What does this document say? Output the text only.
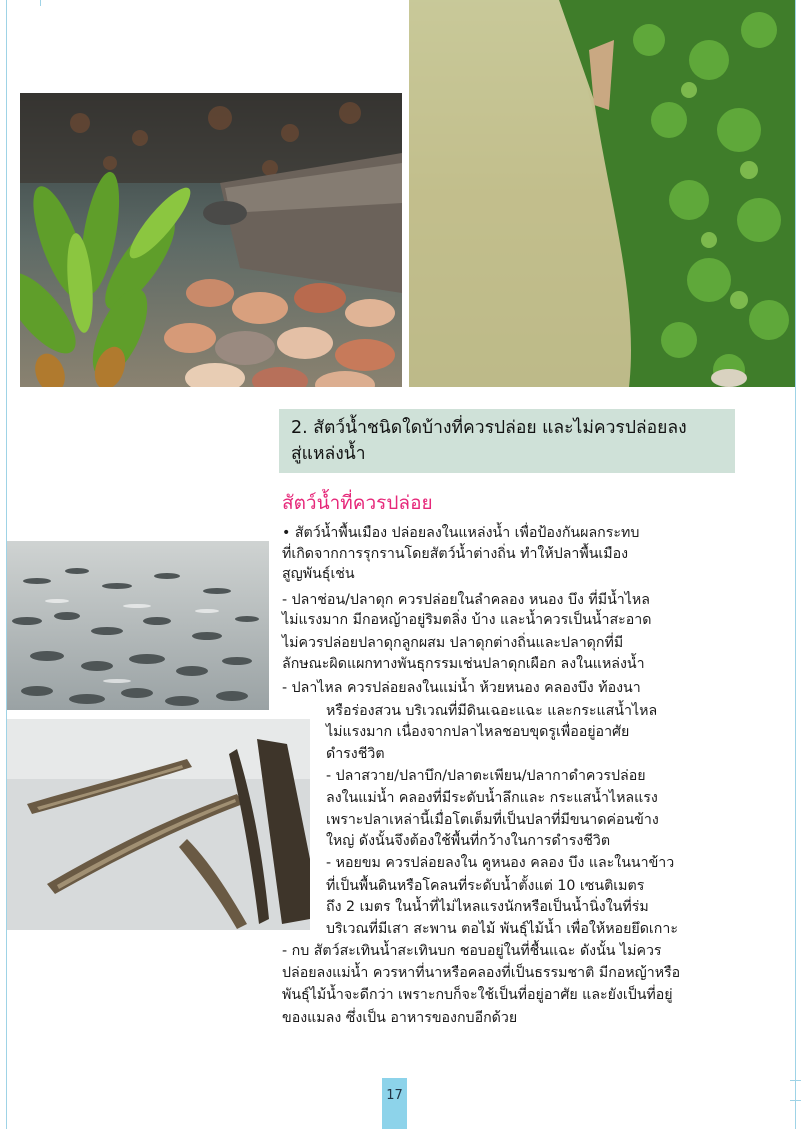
2. สัตว์น้ำชนิดใดบ้างที่ควรปล่อย และไม่ควรปล่อยลง

สู่แหล่งน้ำ

สัตว์น้ำที่ควรปล่อย

• สัตว์น้ำพื้นเมือง ปล่อยลงในแหล่งน้ำ เพื่อป้องกันผลกระทบ

ที่เกิดจากการรุกรานโดยสัตว์น้ำต่างถิ่น ทำให้ปลาพื้นเมือง

สูญพันธุ์เช่น

- ปลาช่อน/ปลาดุก ควรปล่อยในลำคลอง หนอง บึง ที่มีน้ำไหล

ไม่แรงมาก มีกอหญ้าอยู่ริมตลิ่ง บ้าง และน้ำควรเป็นน้ำสะอาด

ไม่ควรปล่อยปลาดุกลูกผสม ปลาดุกต่างถิ่นและปลาดุกที่มี

ลักษณะผิดแผกทางพันธุกรรมเช่นปลาดุกเผือก ลงในแหล่งน้ำ

- ปลาไหล ควรปล่อยลงในแม่น้ำ ห้วยหนอง คลองบึง ท้องนา

หรือร่องสวน บริเวณที่มีดินเฉอะแฉะ และกระแสน้ำไหล

ไม่แรงมาก เนื่องจากปลาไหลชอบขุดรูเพื่ออยู่อาศัย

ดำรงชีวิต

- ปลาสวาย/ปลาบึก/ปลาตะเพียน/ปลากาดำควรปล่อย

ลงในแม่น้ำ คลองที่มีระดับน้ำลึกและ กระแสน้ำไหลแรง

เพราะปลาเหล่านี้เมื่อโตเต็มที่เป็นปลาที่มีขนาดค่อนข้าง

ใหญ่ ดังนั้นจึงต้องใช้พื้นที่กว้างในการดำรงชีวิต

- หอยขม ควรปล่อยลงใน คูหนอง คลอง บึง และในนาข้าว

ที่เป็นพื้นดินหรือโคลนที่ระดับน้ำตั้งแต่ 10 เซนติเมตร

ถึง 2 เมตร ในน้ำที่ไม่ไหลแรงนักหรือเป็นน้ำนิ่งในที่ร่ม

บริเวณที่มีเสา สะพาน ตอไม้ พันธุ์ไม้น้ำ เพื่อให้หอยยึดเกาะ

- กบ สัตว์สะเทินน้ำสะเทินบก ชอบอยู่ในที่ชื้นแฉะ ดังนั้น ไม่ควร

ปล่อยลงแม่น้ำ ควรหาที่นาหรือคลองที่เป็นธรรมชาติ มีกอหญ้าหรือ

พันธุ์ไม้น้ำจะดีกว่า เพราะกบก็จะใช้เป็นที่อยู่อาศัย และยังเป็นที่อยู่

ของแมลง ซึ่งเป็น อาหารของกบอีกด้วย

17
